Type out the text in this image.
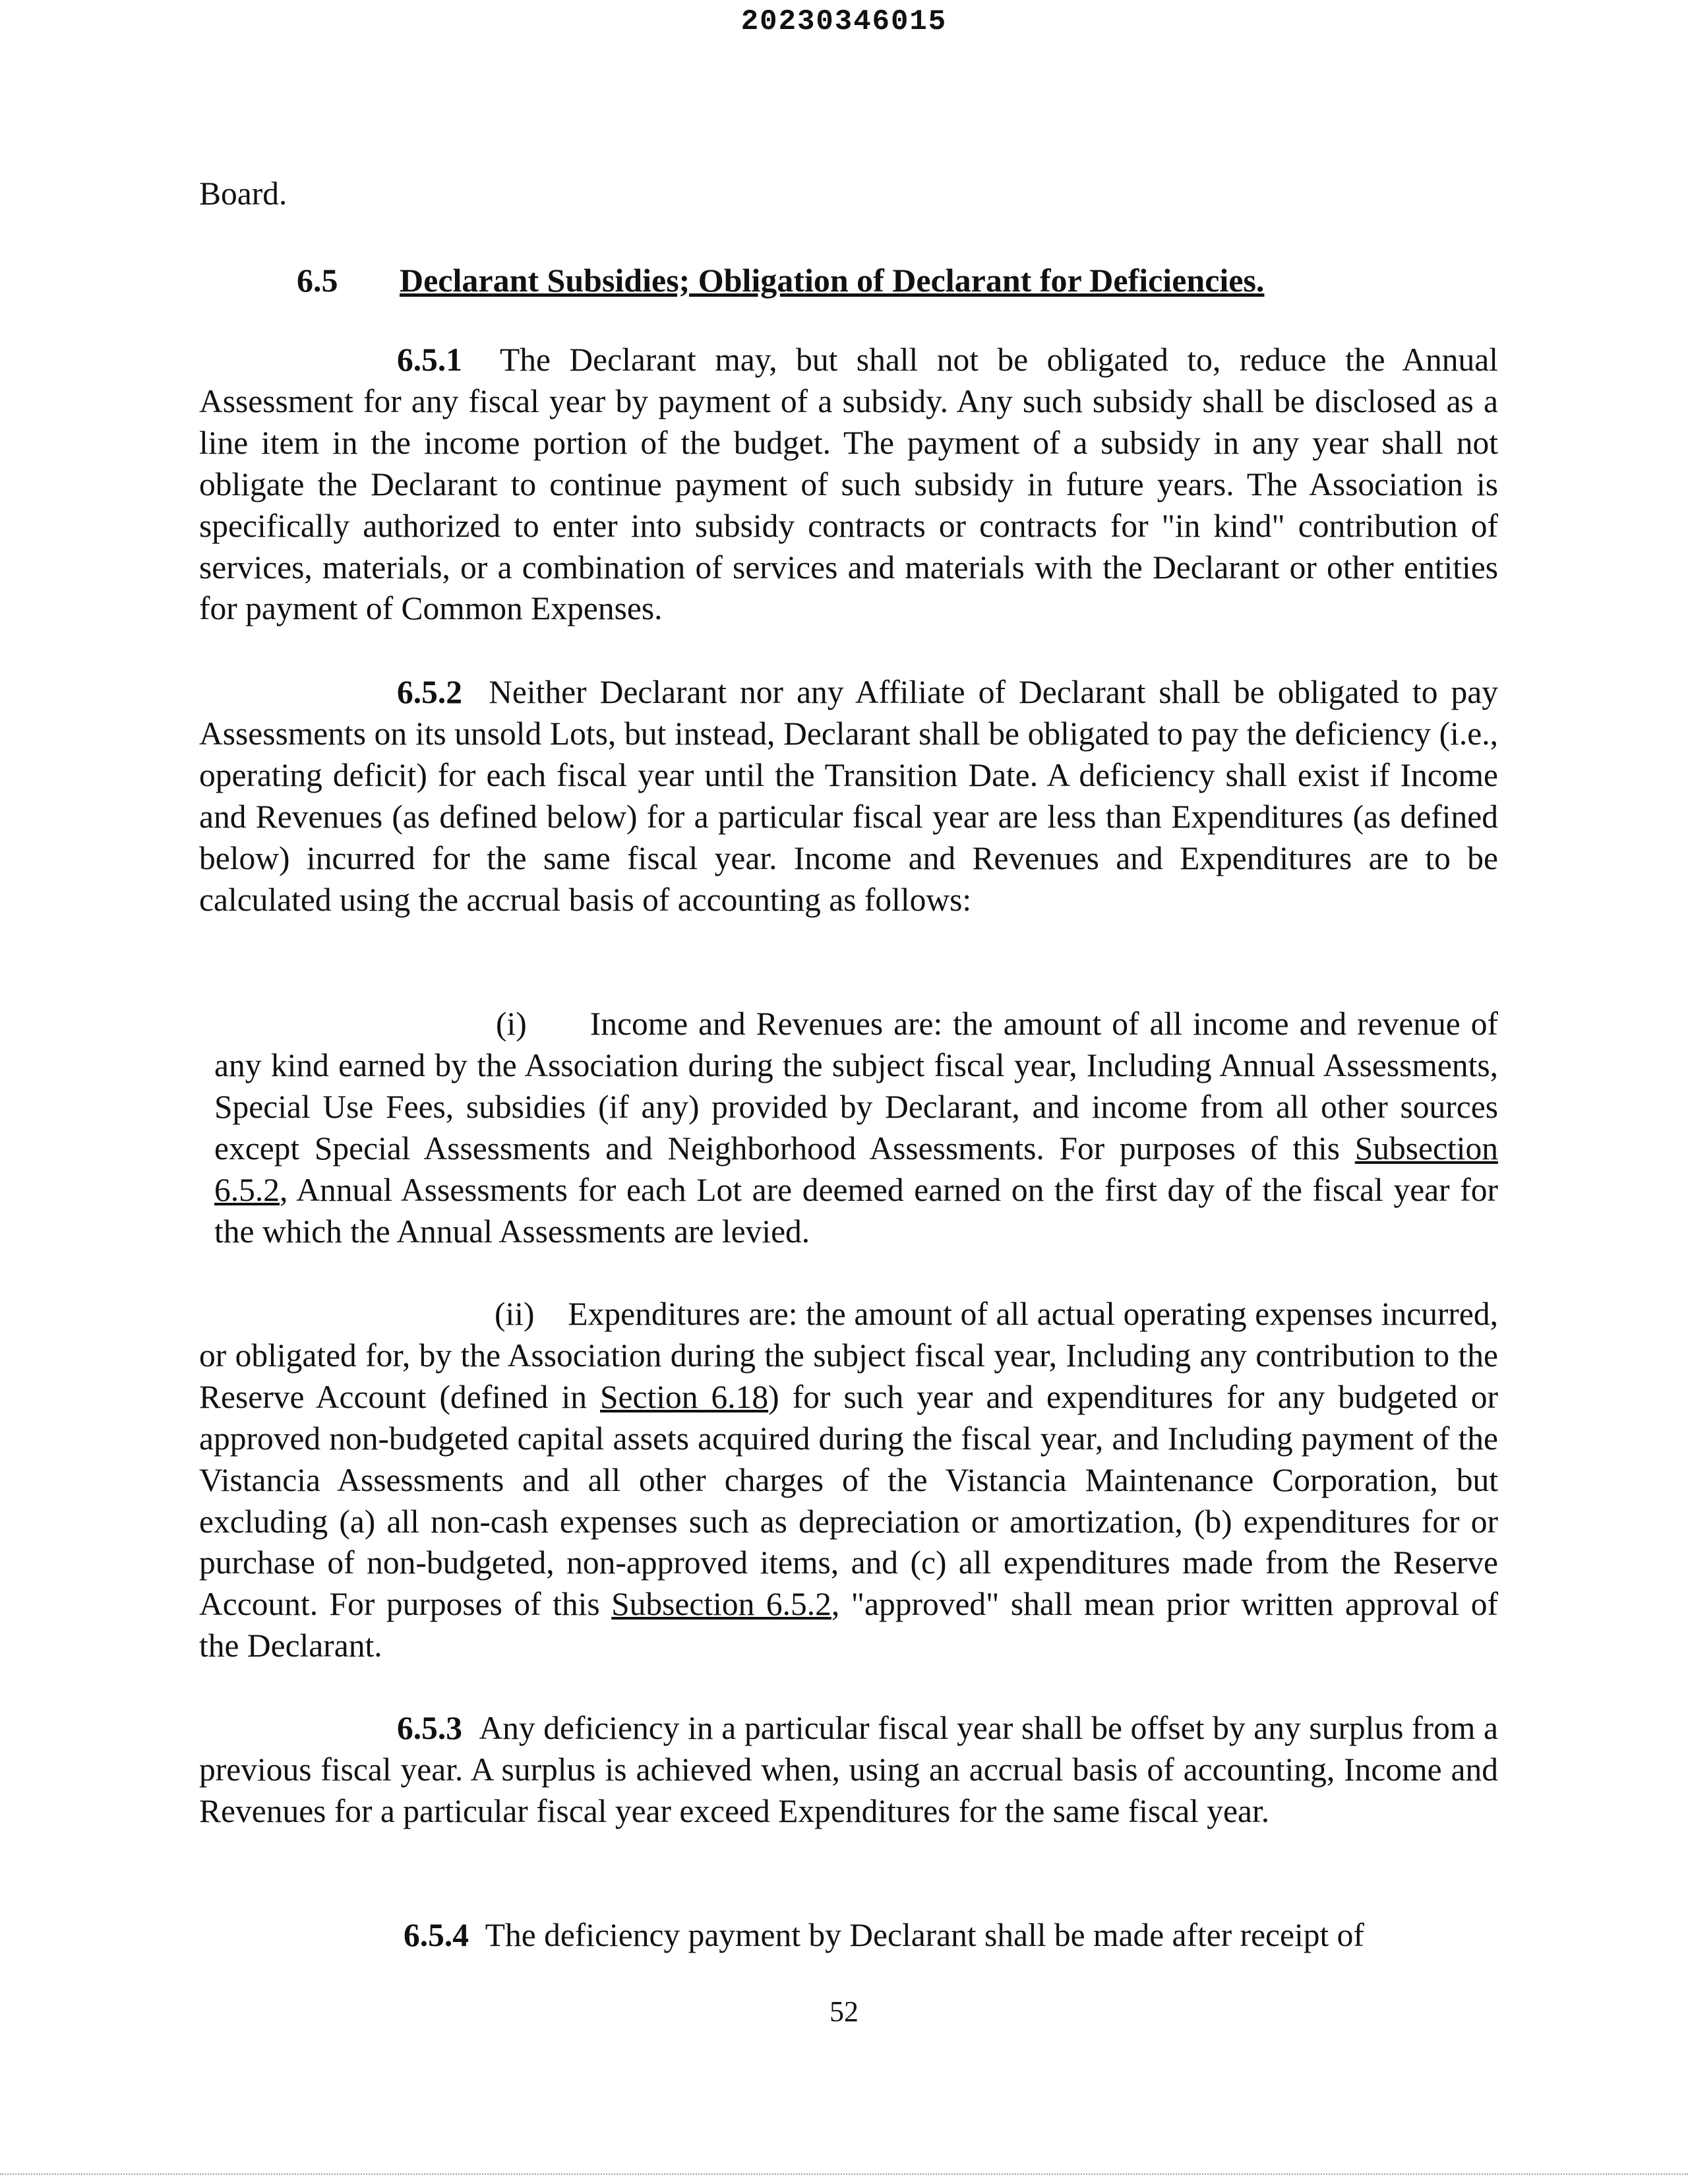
20230346015
Board.
6.5 Declarant Subsidies; Obligation of Declarant for Deficiencies.
6.5.1 The Declarant may, but shall not be obligated to, reduce the Annual Assessment for any fiscal year by payment of a subsidy. Any such subsidy shall be disclosed as a line item in the income portion of the budget. The payment of a subsidy in any year shall not obligate the Declarant to continue payment of such subsidy in future years. The Association is specifically authorized to enter into subsidy contracts or contracts for "in kind" contribution of services, materials, or a combination of services and materials with the Declarant or other entities for payment of Common Expenses.
6.5.2 Neither Declarant nor any Affiliate of Declarant shall be obligated to pay Assessments on its unsold Lots, but instead, Declarant shall be obligated to pay the deficiency (i.e., operating deficit) for each fiscal year until the Transition Date. A deficiency shall exist if Income and Revenues (as defined below) for a particular fiscal year are less than Expenditures (as defined below) incurred for the same fiscal year. Income and Revenues and Expenditures are to be calculated using the accrual basis of accounting as follows:
(i) Income and Revenues are: the amount of all income and revenue of any kind earned by the Association during the subject fiscal year, Including Annual Assessments, Special Use Fees, subsidies (if any) provided by Declarant, and income from all other sources except Special Assessments and Neighborhood Assessments. For purposes of this Subsection 6.5.2, Annual Assessments for each Lot are deemed earned on the first day of the fiscal year for the which the Annual Assessments are levied.
(ii) Expenditures are: the amount of all actual operating expenses incurred, or obligated for, by the Association during the subject fiscal year, Including any contribution to the Reserve Account (defined in Section 6.18) for such year and expenditures for any budgeted or approved non-budgeted capital assets acquired during the fiscal year, and Including payment of the Vistancia Assessments and all other charges of the Vistancia Maintenance Corporation, but excluding (a) all non-cash expenses such as depreciation or amortization, (b) expenditures for or purchase of non-budgeted, non-approved items, and (c) all expenditures made from the Reserve Account. For purposes of this Subsection 6.5.2, "approved" shall mean prior written approval of the Declarant.
6.5.3 Any deficiency in a particular fiscal year shall be offset by any surplus from a previous fiscal year. A surplus is achieved when, using an accrual basis of accounting, Income and Revenues for a particular fiscal year exceed Expenditures for the same fiscal year.
6.5.4 The deficiency payment by Declarant shall be made after receipt of
52
